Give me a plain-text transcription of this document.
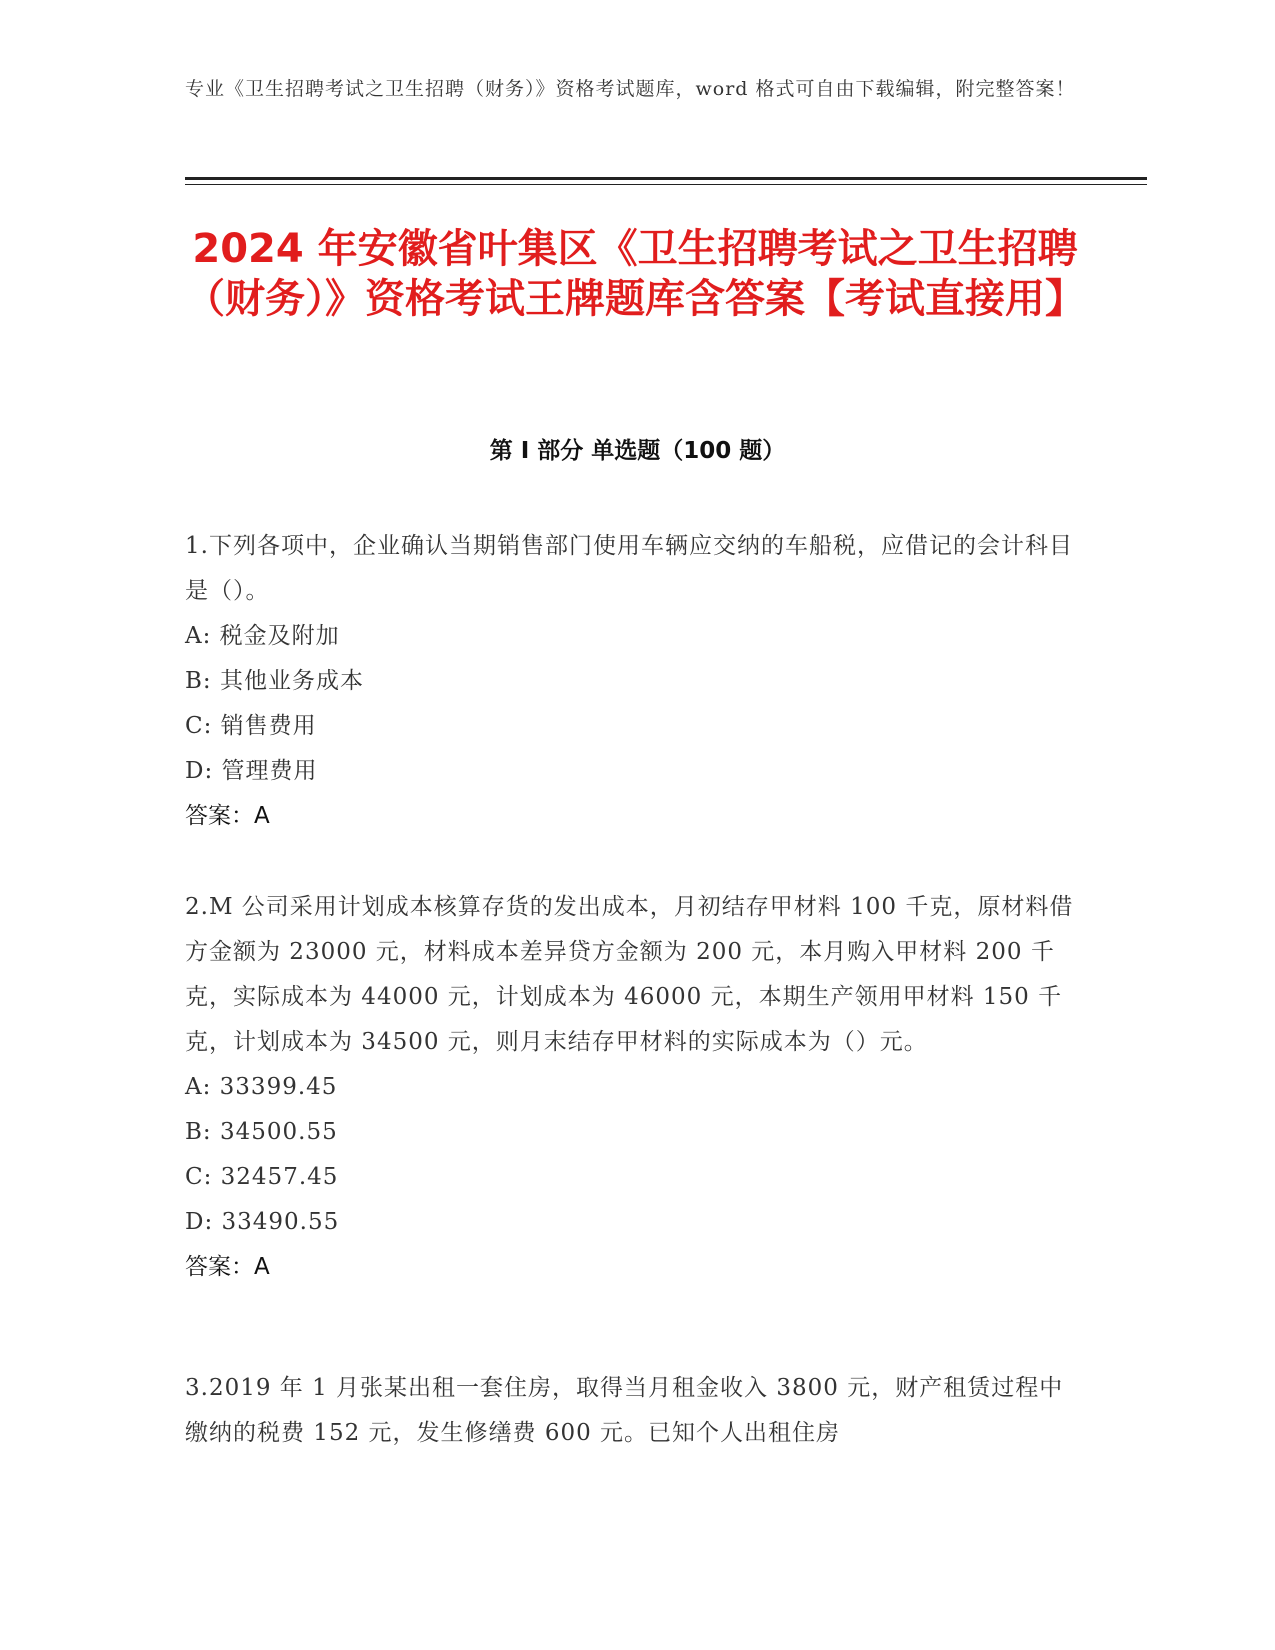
专业《卫生招聘考试之卫生招聘（财务）》资格考试题库，word 格式可自由下载编辑，附完整答案！
2024 年安徽省叶集区《卫生招聘考试之卫生招聘（财务）》资格考试王牌题库含答案【考试直接用】
第 I 部分 单选题（100 题）
1.下列各项中，企业确认当期销售部门使用车辆应交纳的车船税，应借记的会计科目是（）。
A: 税金及附加
B: 其他业务成本
C: 销售费用
D: 管理费用
答案：A
2.M 公司采用计划成本核算存货的发出成本，月初结存甲材料 100 千克，原材料借方金额为 23000 元，材料成本差异贷方金额为 200 元，本月购入甲材料 200 千克，实际成本为 44000 元，计划成本为 46000 元，本期生产领用甲材料 150 千克，计划成本为 34500 元，则月末结存甲材料的实际成本为（）元。
A: 33399.45
B: 34500.55
C: 32457.45
D: 33490.55
答案：A
3.2019 年 1 月张某出租一套住房，取得当月租金收入 3800 元，财产租赁过程中缴纳的税费 152 元，发生修缮费 600 元。已知个人出租住房
